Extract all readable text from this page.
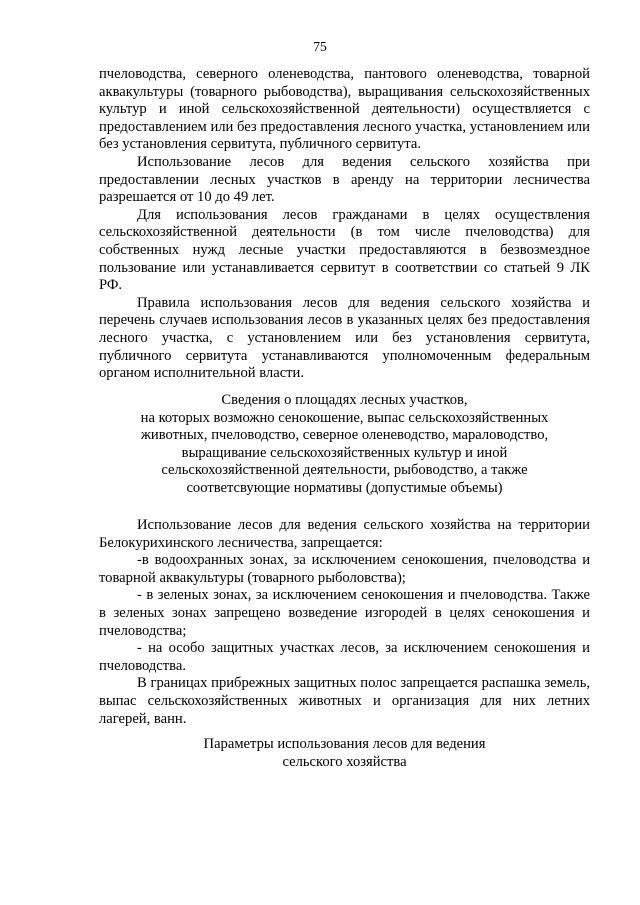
75

пчеловодства, северного оленеводства, пантового оленеводства, товарной аквакультуры (товарного рыбоводства), выращивания сельскохозяйственных культур и иной сельскохозяйственной деятельности) осуществляется с предоставлением или без предоставления лесного участка, установлением или без установления сервитута, публичного сервитута.

Использование лесов для ведения сельского хозяйства при предоставлении лесных участков в аренду на территории лесничества разрешается от 10 до 49 лет.

Для использования лесов гражданами в целях осуществления сельскохозяйственной деятельности (в том числе пчеловодства) для собственных нужд лесные участки предоставляются в безвозмездное пользование или устанавливается сервитут в соответствии со статьей 9 ЛК РФ.

Правила использования лесов для ведения сельского хозяйства и перечень случаев использования лесов в указанных целях без предоставления лесного участка, с установлением или без установления сервитута, публичного сервитута устанавливаются уполномоченным федеральным органом исполнительной власти.

Сведения о площадях лесных участков,
на которых возможно сенокошение, выпас сельскохозяйственных
животных, пчеловодство, северное оленеводство, мараловодство,
выращивание сельскохозяйственных культур и иной
сельскохозяйственной деятельности, рыбоводство, а также
соответсвующие нормативы (допустимые объемы)

Использование лесов для ведения сельского хозяйства на территории Белокурихинского лесничества, запрещается:

-в водоохранных зонах, за исключением сенокошения, пчеловодства и товарной аквакультуры (товарного рыболовства);

- в зеленых зонах, за исключением сенокошения и пчеловодства. Также в зеленых зонах запрещено возведение изгородей в целях сенокошения и пчеловодства;

- на особо защитных участках лесов, за исключением сенокошения и пчеловодства.

В границах прибрежных защитных полос запрещается распашка земель, выпас сельскохозяйственных животных и организация для них летних лагерей, ванн.

Параметры использования лесов для ведения
сельского хозяйства
